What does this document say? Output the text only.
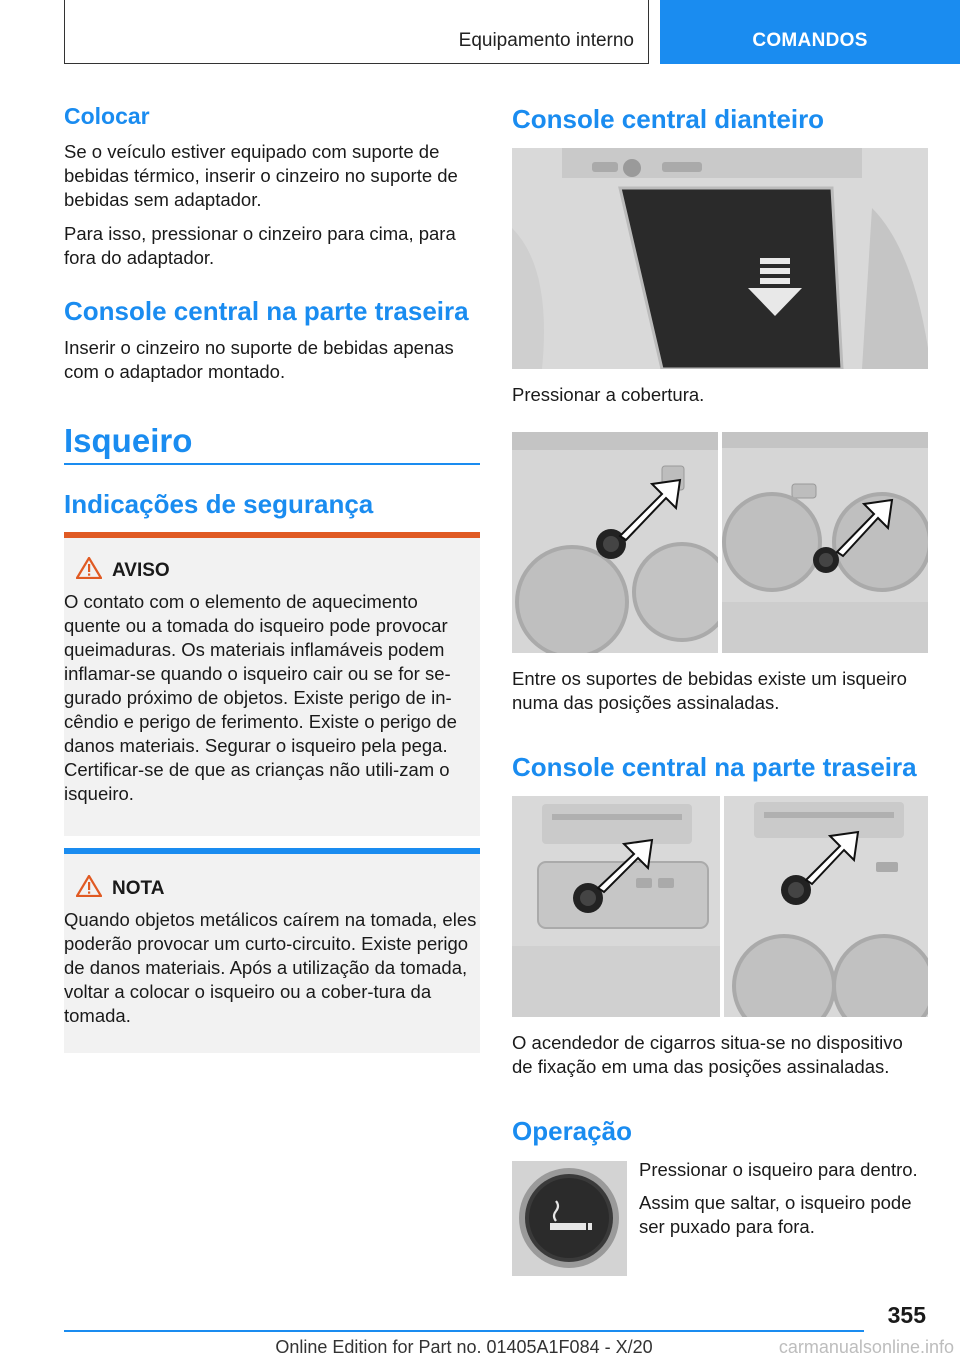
Equipamento interno	COMANDOS
Colocar

Se o veículo estiver equipado com suporte de bebidas térmico, inserir o cinzeiro no suporte de bebidas sem adaptador.

Para isso, pressionar o cinzeiro para cima, para fora do adaptador.

Console central na parte traseira

Inserir o cinzeiro no suporte de bebidas apenas com o adaptador montado.

Isqueiro
Indicações de segurança
AVISO

O contato com o elemento de aquecimento quente ou a tomada do isqueiro pode provocar queimaduras. Os materiais inflamáveis podem inflamar-se quando o isqueiro cair ou se for se-gurado próximo de objetos. Existe perigo de in-cêndio e perigo de ferimento. Existe o perigo de danos materiais. Segurar o isqueiro pela pega. Certificar-se de que as crianças não utili-zam o isqueiro.

NOTA

Quando objetos metálicos caírem na tomada, eles poderão provocar um curto-circuito. Existe perigo de danos materiais. Após a utilização da tomada, voltar a colocar o isqueiro ou a cober-tura da tomada.

Console central dianteiro

Pressionar a cobertura.

Entre os suportes de bebidas existe um isqueiro numa das posições assinaladas.

Console central na parte traseira

O acendedor de cigarros situa-se no dispositivo de fixação em uma das posições assinaladas.

Operação

Pressionar o isqueiro para dentro.

Assim que saltar, o isqueiro pode ser puxado para fora.

355
Online Edition for Part no. 01405A1F084 - X/20	carmanualsonline.info
